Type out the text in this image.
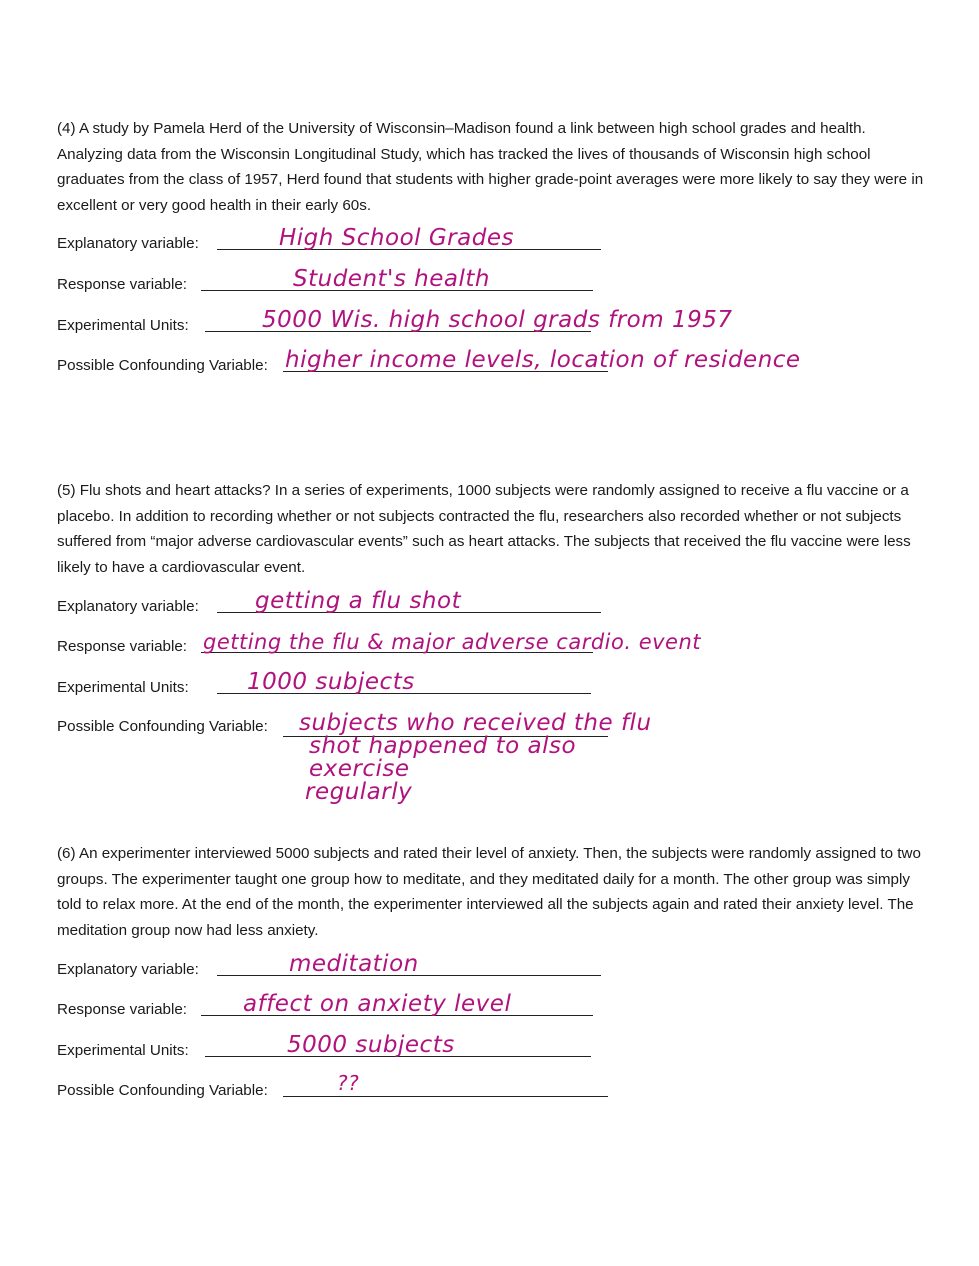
(4) A study by Pamela Herd of the University of Wisconsin–Madison found a link between high school grades and health. Analyzing data from the Wisconsin Longitudinal Study, which has tracked the lives of thousands of Wisconsin high school graduates from the class of 1957, Herd found that students with higher grade-point averages were more likely to say they were in excellent or very good health in their early 60s.

Explanatory variable:	High School Grades
Response variable:	Student's health
Experimental Units:	5000 Wis. high school grads from 1957
Possible Confounding Variable: higher income levels, location of residence

(5) Flu shots and heart attacks? In a series of experiments, 1000 subjects were randomly assigned to receive a flu vaccine or a placebo. In addition to recording whether or not subjects contracted the flu, researchers also recorded whether or not subjects suffered from “major adverse cardiovascular events” such as heart attacks. The subjects that received the flu vaccine were less likely to have a cardiovascular event.

Explanatory variable: getting a flu shot
Response variable: getting the flu & major adverse cardio. event
Experimental Units:	1000 subjects
Possible Confounding Variable: subjects who received the flu
shot happened to also exercise
regularly

(6) An experimenter interviewed 5000 subjects and rated their level of anxiety. Then, the subjects were randomly assigned to two groups. The experimenter taught one group how to meditate, and they meditated daily for a month. The other group was simply told to relax more. At the end of the month, the experimenter interviewed all the subjects again and rated their anxiety level. The meditation group now had less anxiety.

Explanatory variable:	meditation
Response variable: affect on anxiety level
Experimental Units:	5000 subjects
Possible Confounding Variable:	??
